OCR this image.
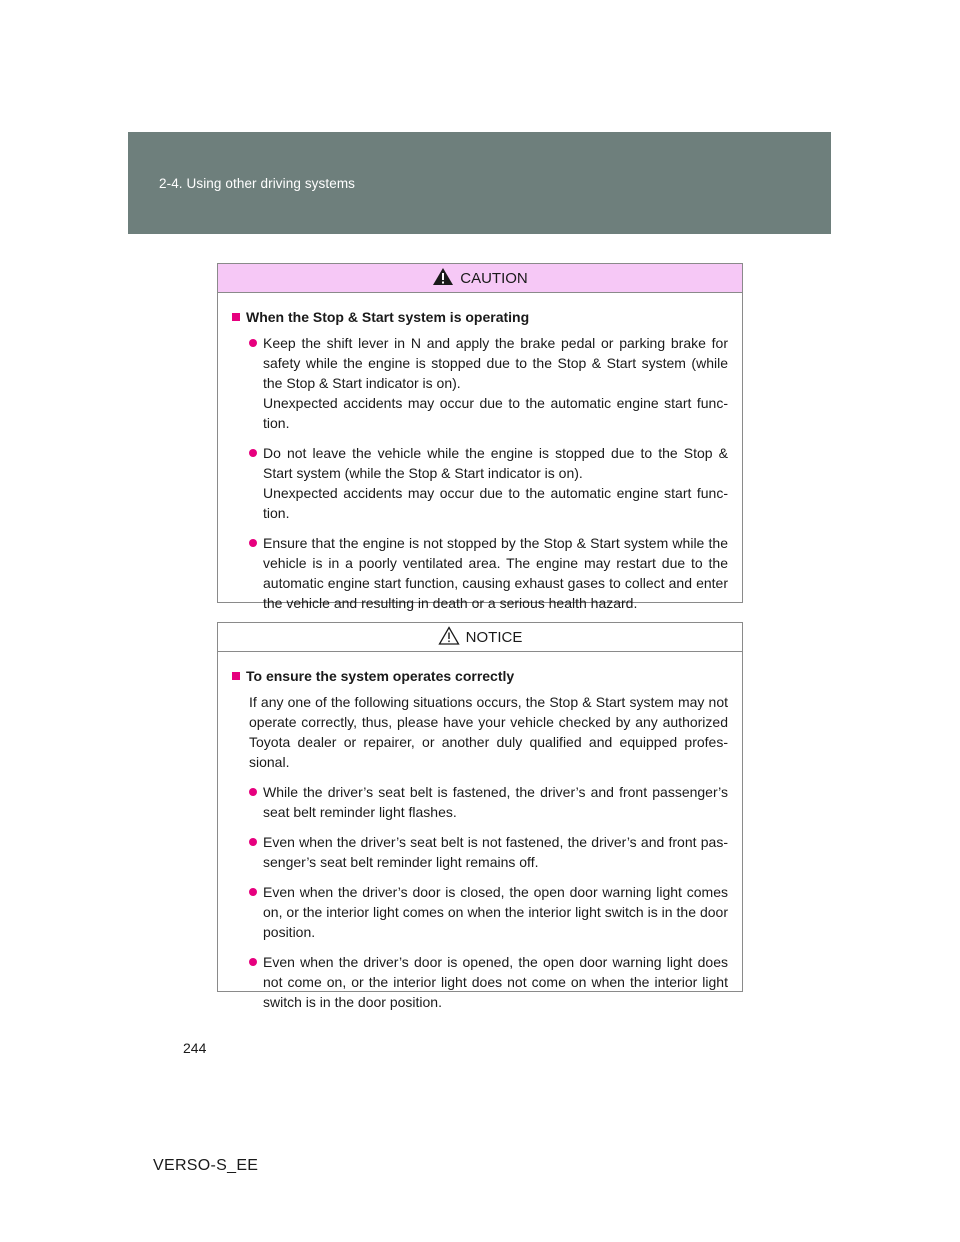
2-4. Using other driving systems
CAUTION
When the Stop & Start system is operating
Keep the shift lever in N and apply the brake pedal or parking brake for safety while the engine is stopped due to the Stop & Start system (while the Stop & Start indicator is on).
Unexpected accidents may occur due to the automatic engine start func- tion.
Do not leave the vehicle while the engine is stopped due to the Stop & Start system (while the Stop & Start indicator is on).
Unexpected accidents may occur due to the automatic engine start func- tion.
Ensure that the engine is not stopped by the Stop & Start system while the vehicle is in a poorly ventilated area. The engine may restart due to the automatic engine start function, causing exhaust gases to collect and enter the vehicle and resulting in death or a serious health hazard.
NOTICE
To ensure the system operates correctly
If any one of the following situations occurs, the Stop & Start system may not operate correctly, thus, please have your vehicle checked by any authorized Toyota dealer or repairer, or another duly qualified and equipped profes- sional.
While the driver’s seat belt is fastened, the driver’s and front passenger’s seat belt reminder light flashes.
Even when the driver’s seat belt is not fastened, the driver’s and front pas- senger’s seat belt reminder light remains off.
Even when the driver’s door is closed, the open door warning light comes on, or the interior light comes on when the interior light switch is in the door position.
Even when the driver’s door is opened, the open door warning light does not come on, or the interior light does not come on when the interior light switch is in the door position.
244
VERSO-S_EE
